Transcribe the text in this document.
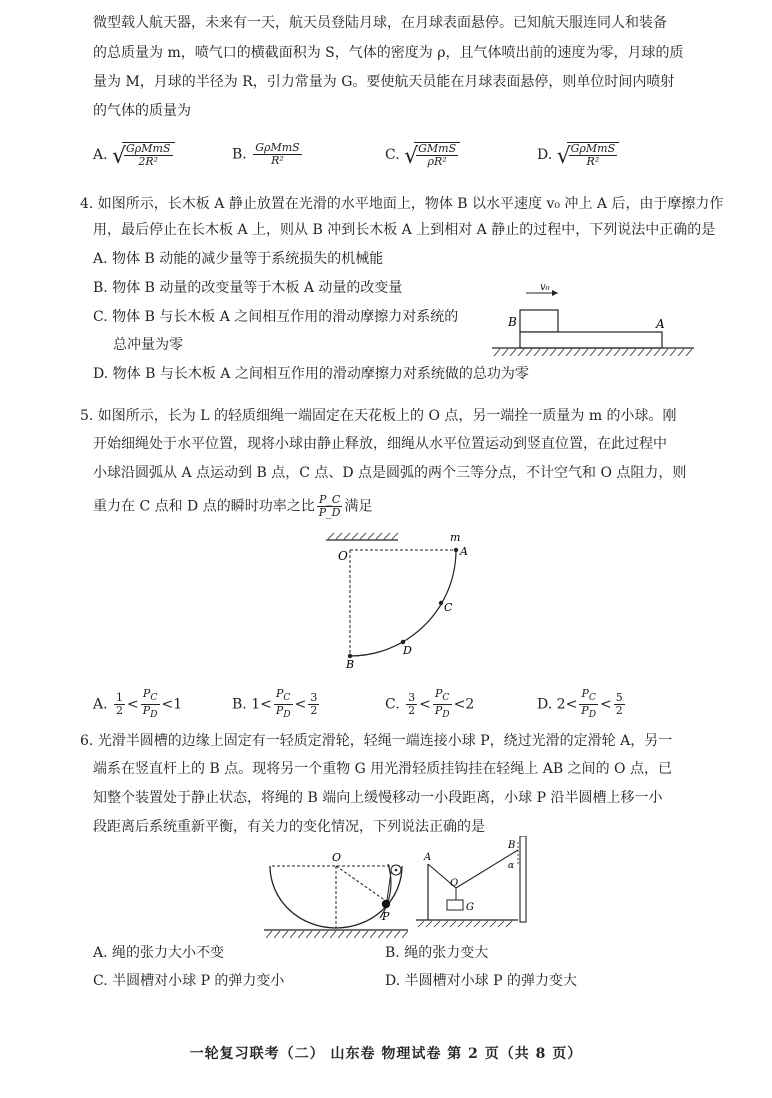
微型载人航天器，未来有一天，航天员登陆月球，在月球表面悬停。已知航天服连同人和装备
的总质量为 m，喷气口的横截面积为 S，气体的密度为 ρ，且气体喷出前的速度为零，月球的质
量为 M，月球的半径为 R，引力常量为 G。要使航天员能在月球表面悬停，则单位时间内喷射
的气体的质量为
A. √
$\frac{\text{GρMmS}}{\text{2R²}}$	B. $\frac{\text{GρMmS}}{\text{R²}}$	C. √
$\frac{\text{GMmS}}{\text{ρR²}}$	D. √
$\frac{\text{GρMmS}}{\text{R²}}$
4. 如图所示，长木板 A 静止放置在光滑的水平地面上，物体 B 以水平速度 v₀ 冲上 A 后，由于摩擦力作
用，最后停止在长木板 A 上，则从 B 冲到长木板 A 上到相对 A 静止的过程中，下列说法中正确的是
A. 物体 B 动能的减少量等于系统损失的机械能
B. 物体 B 动量的改变量等于木板 A 动量的改变量
C. 物体 B 与长木板 A 之间相互作用的滑动摩擦力对系统的
总冲量为零
D. 物体 B 与长木板 A 之间相互作用的滑动摩擦力对系统做的总功为零
v₀
B	A
5. 如图所示，长为 L 的轻质细绳一端固定在天花板上的 O 点，另一端拴一质量为 m 的小球。刚
开始细绳处于水平位置，现将小球由静止释放，细绳从水平位置运动到竖直位置，在此过程中
小球沿圆弧从 A 点运动到 B 点，C 点、D 点是圆弧的两个三等分点，不计空气和 O 点阻力，则
重力在 C 点和 D 点的瞬时功率之比 $\frac{P\_C}{P\_D}$ 满足
O
m
A
C
D
B
A. $\frac{1}{2} < \frac{P_C}{P_D} <1$	B. $1< \frac{P_C}{P_D} < \frac{3}{2}$	C. $\frac{3}{2} < \frac{P_C}{P_D} <2$	D. $2< \frac{P_C}{P_D} < \frac{5}{2}$
6. 光滑半圆槽的边缘上固定有一轻质定滑轮，轻绳一端连接小球 P，绕过光滑的定滑轮 A，另一
端系在竖直杆上的 B 点。现将另一个重物 G 用光滑轻质挂钩挂在轻绳上 AB 之间的 O 点，已
知整个装置处于静止状态，将绳的 B 端向上缓慢移动一小段距离，小球 P 沿半圆槽上移一小
段距离后系统重新平衡，有关力的变化情况，下列说法正确的是
O
P
A
O
G
B
α
A. 绳的张力大小不变	B. 绳的张力变大
C. 半圆槽对小球 P 的弹力变小	D. 半圆槽对小球 P 的弹力变大
一轮复习联考（二） 山东卷 物理试卷 第 2 页（共 8 页）
